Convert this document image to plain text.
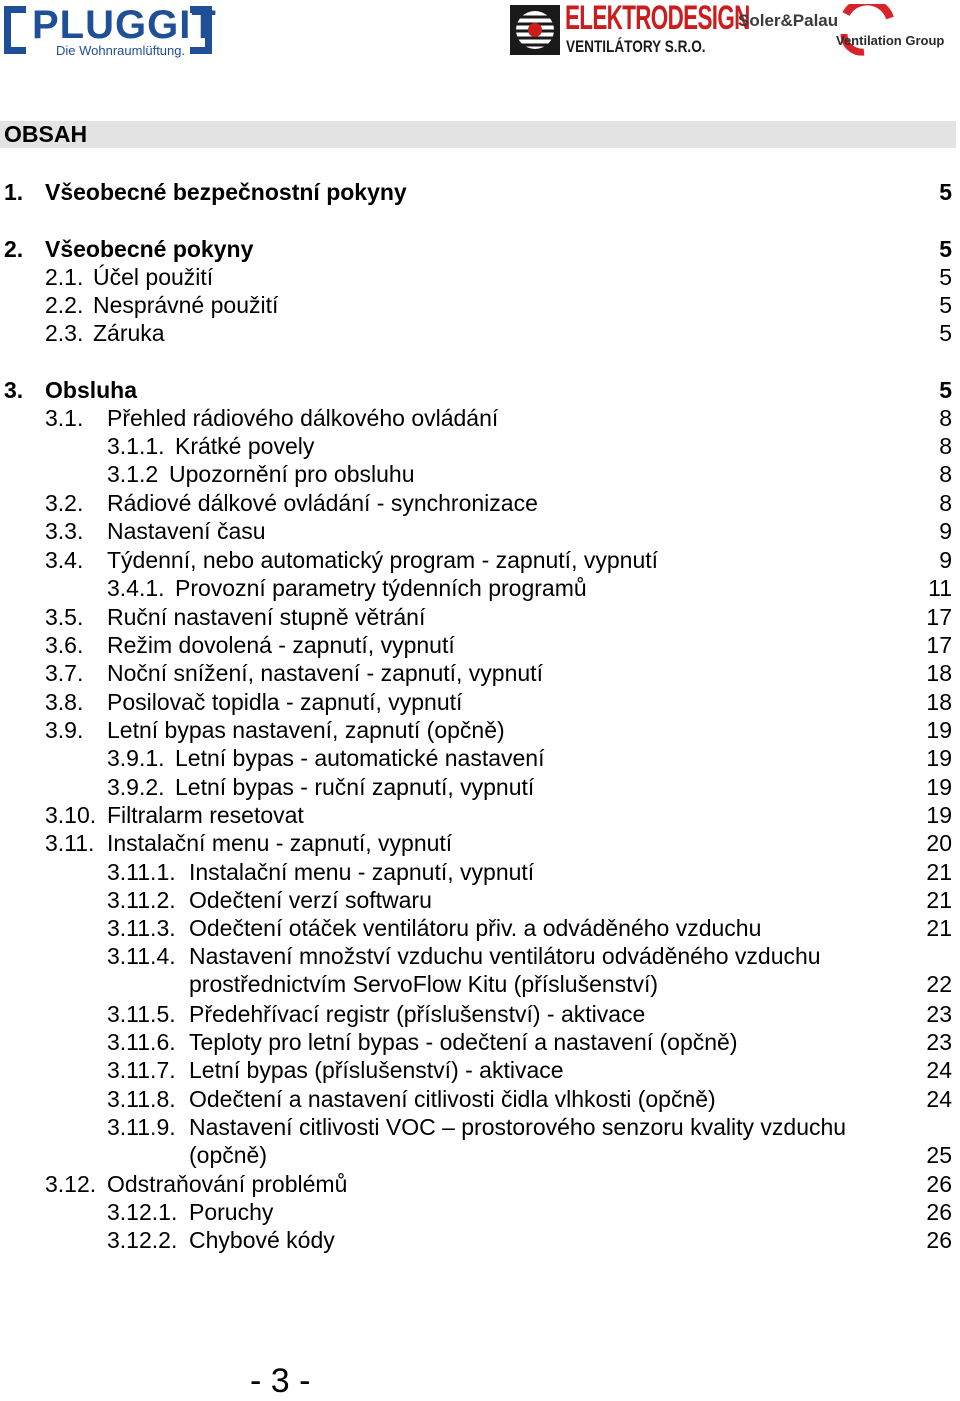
PLUGGIT
Die Wohnraumlüftung.
ELEKTRODESIGN
VENTILÁTORY S.R.O.
Soler&Palau
Ventilation Group
OBSAH
1. Všeobecné bezpečnostní pokyny	5
2. Všeobecné pokyny	5
2.1. Účel použití	5
2.2. Nesprávné použití	5
2.3. Záruka	5
3. Obsluha	5
3.1. Přehled rádiového dálkového ovládání	8
3.1.1. Krátké povely	8
3.1.2 Upozornění pro obsluhu	8
3.2. Rádiové dálkové ovládání - synchronizace	8
3.3. Nastavení času	9
3.4. Týdenní, nebo automatický program - zapnutí, vypnutí	9
3.4.1. Provozní parametry týdenních programů	11
3.5. Ruční nastavení stupně větrání	17
3.6. Režim dovolená - zapnutí, vypnutí	17
3.7. Noční snížení, nastavení - zapnutí, vypnutí	18
3.8. Posilovač topidla - zapnutí, vypnutí	18
3.9. Letní bypas nastavení, zapnutí (opčně)	19
3.9.1. Letní bypas - automatické nastavení	19
3.9.2. Letní bypas - ruční zapnutí, vypnutí	19
3.10. Filtralarm resetovat	19
3.11. Instalační menu - zapnutí, vypnutí	20
3.11.1. Instalační menu - zapnutí, vypnutí	21
3.11.2. Odečtení verzí softwaru	21
3.11.3. Odečtení otáček ventilátoru přiv. a odváděného vzduchu	21
3.11.4. Nastavení množství vzduchu ventilátoru odváděného vzduchu
prostřednictvím ServoFlow Kitu (příslušenství)	22
3.11.5. Předehřívací registr (příslušenství) - aktivace	23
3.11.6. Teploty pro letní bypas - odečtení a nastavení (opčně)	23
3.11.7. Letní bypas (příslušenství) - aktivace	24
3.11.8. Odečtení a nastavení citlivosti čidla vlhkosti (opčně)	24
3.11.9. Nastavení citlivosti VOC – prostorového senzoru kvality vzduchu
(opčně)	25
3.12. Odstraňování problémů	26
3.12.1. Poruchy	26
3.12.2. Chybové kódy	26
- 3 -
